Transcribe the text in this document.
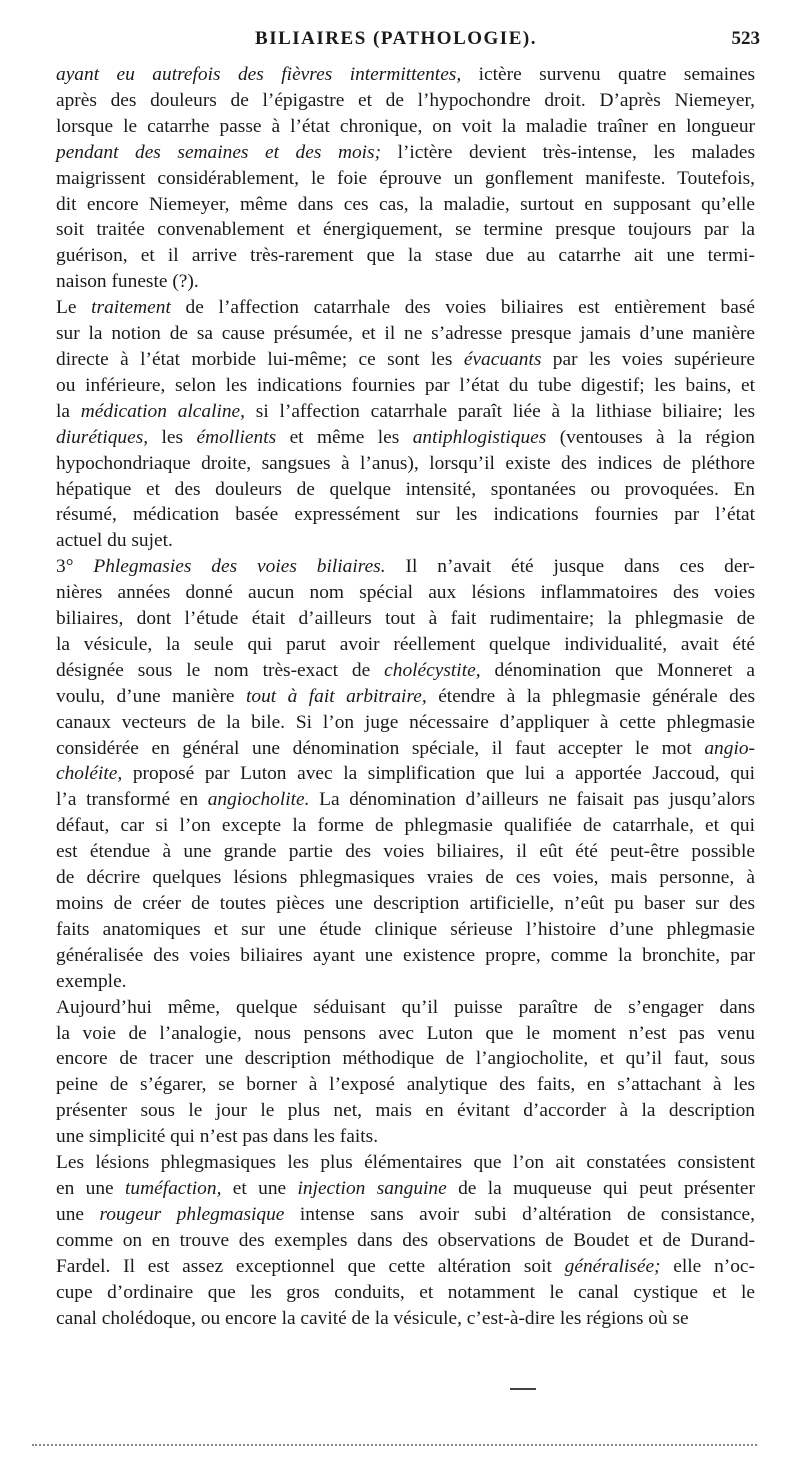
BILIAIRES (PATHOLOGIE).	523

ayant eu autrefois des fièvres intermittentes, ictère survenu quatre semaines
après des douleurs de l’épigastre et de l’hypochondre droit. D’après Niemeyer,
lorsque le catarrhe passe à l’état chronique, on voit la maladie traîner en longueur
pendant des semaines et des mois; l’ictère devient très-intense, les malades
maigrissent considérablement, le foie éprouve un gonflement manifeste. Toutefois,
dit encore Niemeyer, même dans ces cas, la maladie, surtout en supposant qu’elle
soit traitée convenablement et énergiquement, se termine presque toujours par la
guérison, et il arrive très-rarement que la stase due au catarrhe ait une termi-
naison funeste (?).

Le traitement de l’affection catarrhale des voies biliaires est entièrement basé
sur la notion de sa cause présumée, et il ne s’adresse presque jamais d’une manière
directe à l’état morbide lui-même; ce sont les évacuants par les voies supérieure
ou inférieure, selon les indications fournies par l’état du tube digestif; les bains, et
la médication alcaline, si l’affection catarrhale paraît liée à la lithiase biliaire; les
diurétiques, les émollients et même les antiphlogistiques (ventouses à la région
hypochondriaque droite, sangsues à l’anus), lorsqu’il existe des indices de pléthore
hépatique et des douleurs de quelque intensité, spontanées ou provoquées. En
résumé, médication basée expressément sur les indications fournies par l’état
actuel du sujet.

3° Phlegmasies des voies biliaires. Il n’avait été jusque dans ces der-
nières années donné aucun nom spécial aux lésions inflammatoires des voies
biliaires, dont l’étude était d’ailleurs tout à fait rudimentaire; la phlegmasie de
la vésicule, la seule qui parut avoir réellement quelque individualité, avait été
désignée sous le nom très-exact de cholécystite, dénomination que Monneret a
voulu, d’une manière tout à fait arbitraire, étendre à la phlegmasie générale des
canaux vecteurs de la bile. Si l’on juge nécessaire d’appliquer à cette phlegmasie
considérée en général une dénomination spéciale, il faut accepter le mot angio-
choléite, proposé par Luton avec la simplification que lui a apportée Jaccoud, qui
l’a transformé en angiocholite. La dénomination d’ailleurs ne faisait pas jusqu’alors
défaut, car si l’on excepte la forme de phlegmasie qualifiée de catarrhale, et qui
est étendue à une grande partie des voies biliaires, il eût été peut-être possible
de décrire quelques lésions phlegmasiques vraies de ces voies, mais personne, à
moins de créer de toutes pièces une description artificielle, n’eût pu baser sur des
faits anatomiques et sur une étude clinique sérieuse l’histoire d’une phlegmasie
généralisée des voies biliaires ayant une existence propre, comme la bronchite, par
exemple.

Aujourd’hui même, quelque séduisant qu’il puisse paraître de s’engager dans
la voie de l’analogie, nous pensons avec Luton que le moment n’est pas venu
encore de tracer une description méthodique de l’angiocholite, et qu’il faut, sous
peine de s’égarer, se borner à l’exposé analytique des faits, en s’attachant à les
présenter sous le jour le plus net, mais en évitant d’accorder à la description
une simplicité qui n’est pas dans les faits.

Les lésions phlegmasiques les plus élémentaires que l’on ait constatées consistent
en une tuméfaction, et une injection sanguine de la muqueuse qui peut présenter
une rougeur phlegmasique intense sans avoir subi d’altération de consistance,
comme on en trouve des exemples dans des observations de Boudet et de Durand-
Fardel. Il est assez exceptionnel que cette altération soit généralisée; elle n’oc-
cupe d’ordinaire que les gros conduits, et notamment le canal cystique et le
canal cholédoque, ou encore la cavité de la vésicule, c’est-à-dire les régions où se
